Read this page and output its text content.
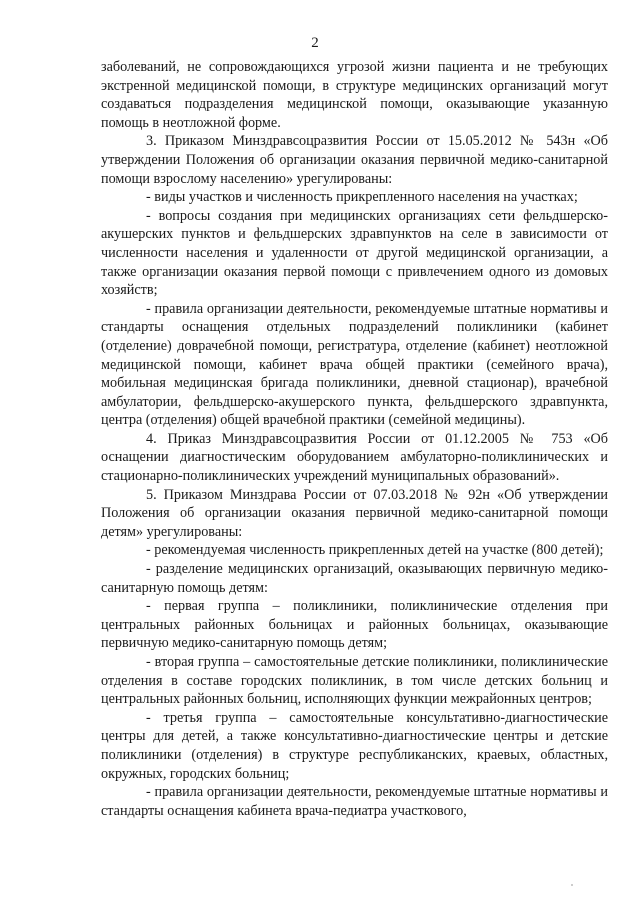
2

заболеваний, не сопровождающихся угрозой жизни пациента и не требующих экстренной медицинской помощи, в структуре медицинских организаций могут создаваться подразделения медицинской помощи, оказывающие указанную помощь в неотложной форме.

3. Приказом Минздравсоцразвития России от 15.05.2012 № 543н «Об утверждении Положения об организации оказания первичной медико-санитарной помощи взрослому населению» урегулированы:

- виды участков и численность прикрепленного населения на участках;

- вопросы создания при медицинских организациях сети фельдшерско-акушерских пунктов и фельдшерских здравпунктов на селе в зависимости от численности населения и удаленности от другой медицинской организации, а также организации оказания первой помощи с привлечением одного из домовых хозяйств;

- правила организации деятельности, рекомендуемые штатные нормативы и стандарты оснащения отдельных подразделений поликлиники (кабинет (отделение) доврачебной помощи, регистратура, отделение (кабинет) неотложной медицинской помощи, кабинет врача общей практики (семейного врача), мобильная медицинская бригада поликлиники, дневной стационар), врачебной амбулатории, фельдшерско-акушерского пункта, фельдшерского здравпункта, центра (отделения) общей врачебной практики (семейной медицины).

4. Приказ Минздравсоцразвития России от 01.12.2005 № 753 «Об оснащении диагностическим оборудованием амбулаторно-поликлинических и стационарно-поликлинических учреждений муниципальных образований».

5. Приказом Минздрава России от 07.03.2018 № 92н «Об утверждении Положения об организации оказания первичной медико-санитарной помощи детям» урегулированы:

- рекомендуемая численность прикрепленных детей на участке (800 детей);

- разделение медицинских организаций, оказывающих первичную медико-санитарную помощь детям:

- первая группа – поликлиники, поликлинические отделения при центральных районных больницах и районных больницах, оказывающие первичную медико-санитарную помощь детям;

- вторая группа – самостоятельные детские поликлиники, поликлинические отделения в составе городских поликлиник, в том числе детских больниц и центральных районных больниц, исполняющих функции межрайонных центров;

- третья группа – самостоятельные консультативно-диагностические центры для детей, а также консультативно-диагностические центры и детские поликлиники (отделения) в структуре республиканских, краевых, областных, окружных, городских больниц;

- правила организации деятельности, рекомендуемые штатные нормативы и стандарты оснащения кабинета врача-педиатра участкового,
